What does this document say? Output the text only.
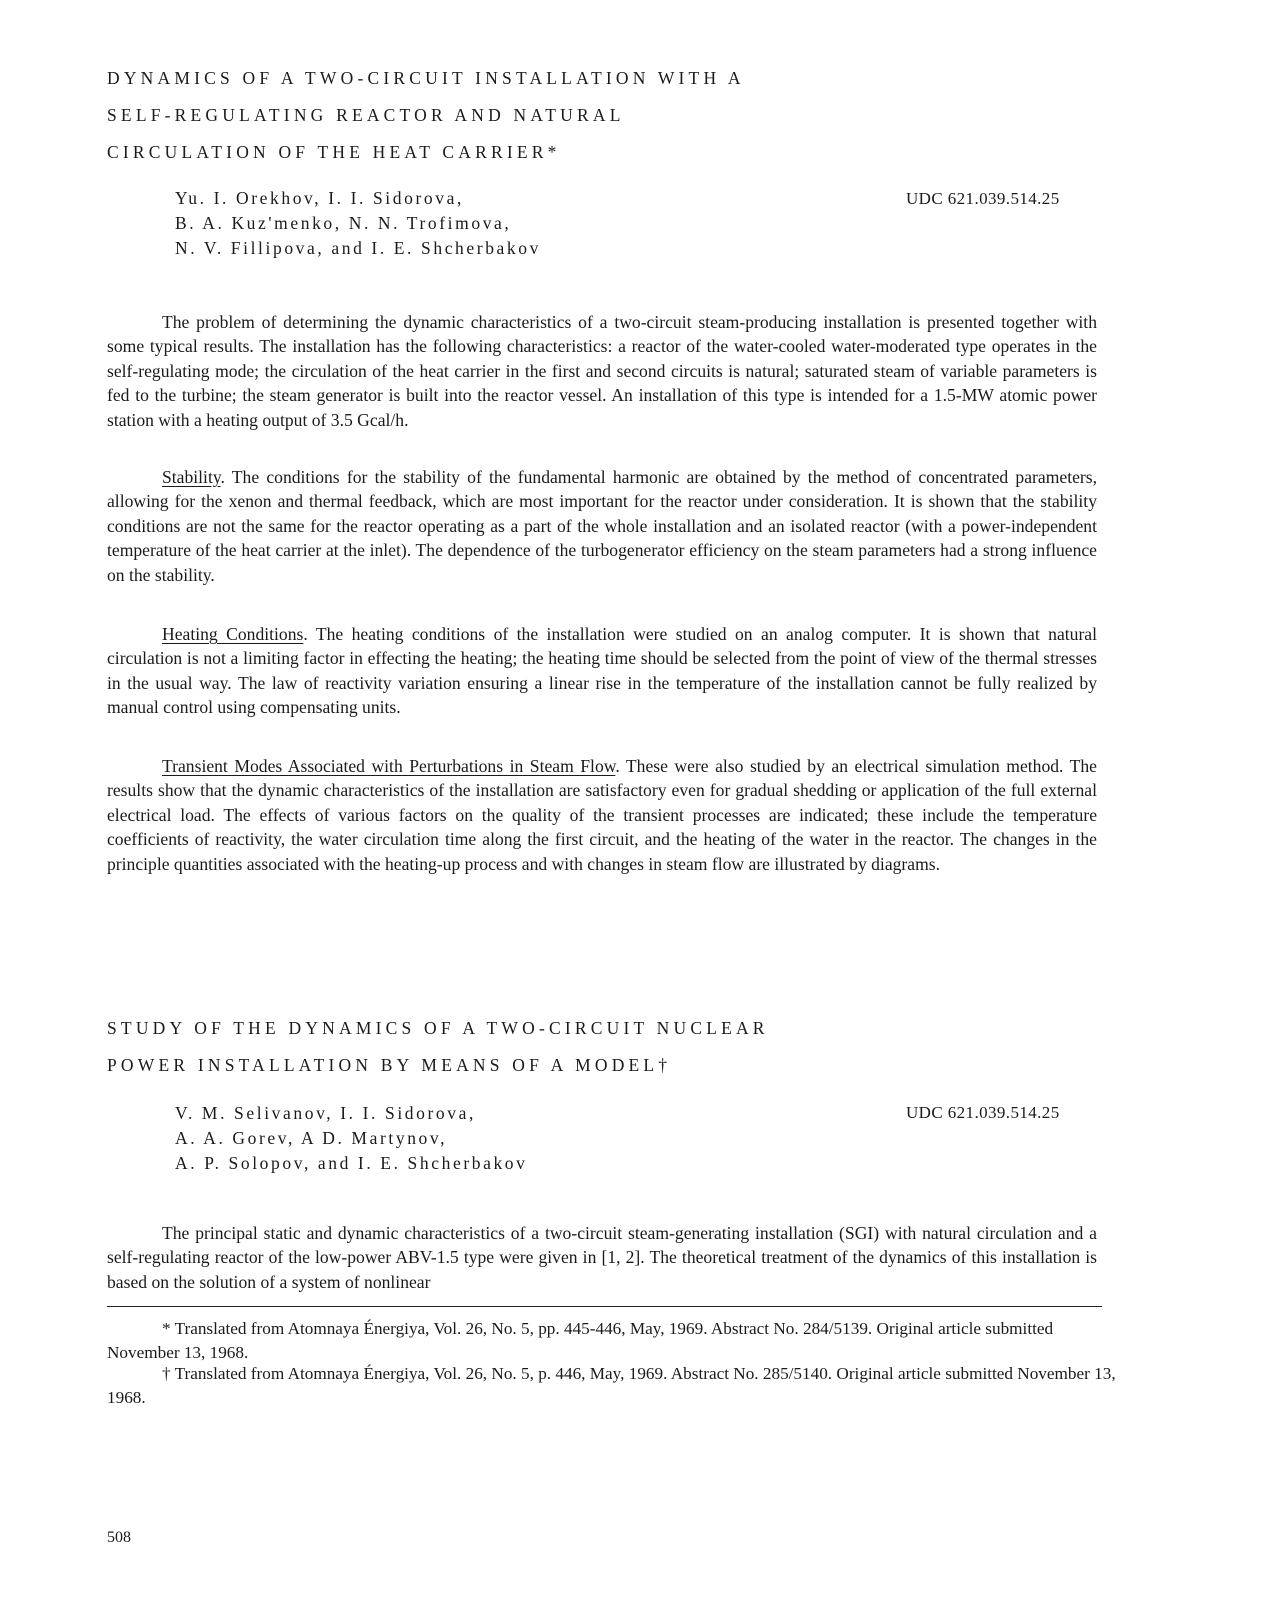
DYNAMICS OF A TWO-CIRCUIT INSTALLATION WITH A
SELF-REGULATING REACTOR AND NATURAL
CIRCULATION OF THE HEAT CARRIER*
Yu. I. Orekhov, I. I. Sidorova,
B. A. Kuz'menko, N. N. Trofimova,
N. V. Fillipova, and I. E. Shcherbakov
UDC 621.039.514.25

The problem of determining the dynamic characteristics of a two-circuit steam-producing installation is presented together with some typical results. The installation has the following characteristics: a reactor of the water-cooled water-moderated type operates in the self-regulating mode; the circulation of the heat carrier in the first and second circuits is natural; saturated steam of variable parameters is fed to the turbine; the steam generator is built into the reactor vessel. An installation of this type is intended for a 1.5-MW atomic power station with a heating output of 3.5 Gcal/h.

Stability. The conditions for the stability of the fundamental harmonic are obtained by the method of concentrated parameters, allowing for the xenon and thermal feedback, which are most important for the reactor under consideration. It is shown that the stability conditions are not the same for the reactor operating as a part of the whole installation and an isolated reactor (with a power-independent temperature of the heat carrier at the inlet). The dependence of the turbogenerator efficiency on the steam parameters had a strong influence on the stability.

Heating Conditions. The heating conditions of the installation were studied on an analog computer. It is shown that natural circulation is not a limiting factor in effecting the heating; the heating time should be selected from the point of view of the thermal stresses in the usual way. The law of reactivity variation ensuring a linear rise in the temperature of the installation cannot be fully realized by manual control using compensating units.

Transient Modes Associated with Perturbations in Steam Flow. These were also studied by an electrical simulation method. The results show that the dynamic characteristics of the installation are satisfactory even for gradual shedding or application of the full external electrical load. The effects of various factors on the quality of the transient processes are indicated; these include the temperature coefficients of reactivity, the water circulation time along the first circuit, and the heating of the water in the reactor. The changes in the principle quantities associated with the heating-up process and with changes in steam flow are illustrated by diagrams.

STUDY OF THE DYNAMICS OF A TWO-CIRCUIT NUCLEAR
POWER INSTALLATION BY MEANS OF A MODEL†
V. M. Selivanov, I. I. Sidorova,
A. A. Gorev, A D. Martynov,
A. P. Solopov, and I. E. Shcherbakov
UDC 621.039.514.25

The principal static and dynamic characteristics of a two-circuit steam-generating installation (SGI) with natural circulation and a self-regulating reactor of the low-power ABV-1.5 type were given in [1, 2]. The theoretical treatment of the dynamics of this installation is based on the solution of a system of nonlinear

* Translated from Atomnaya Énergiya, Vol. 26, No. 5, pp. 445-446, May, 1969. Abstract No. 284/5139. Original article submitted November 13, 1968.

† Translated from Atomnaya Énergiya, Vol. 26, No. 5, p. 446, May, 1969. Abstract No. 285/5140. Original article submitted November 13, 1968.

508
